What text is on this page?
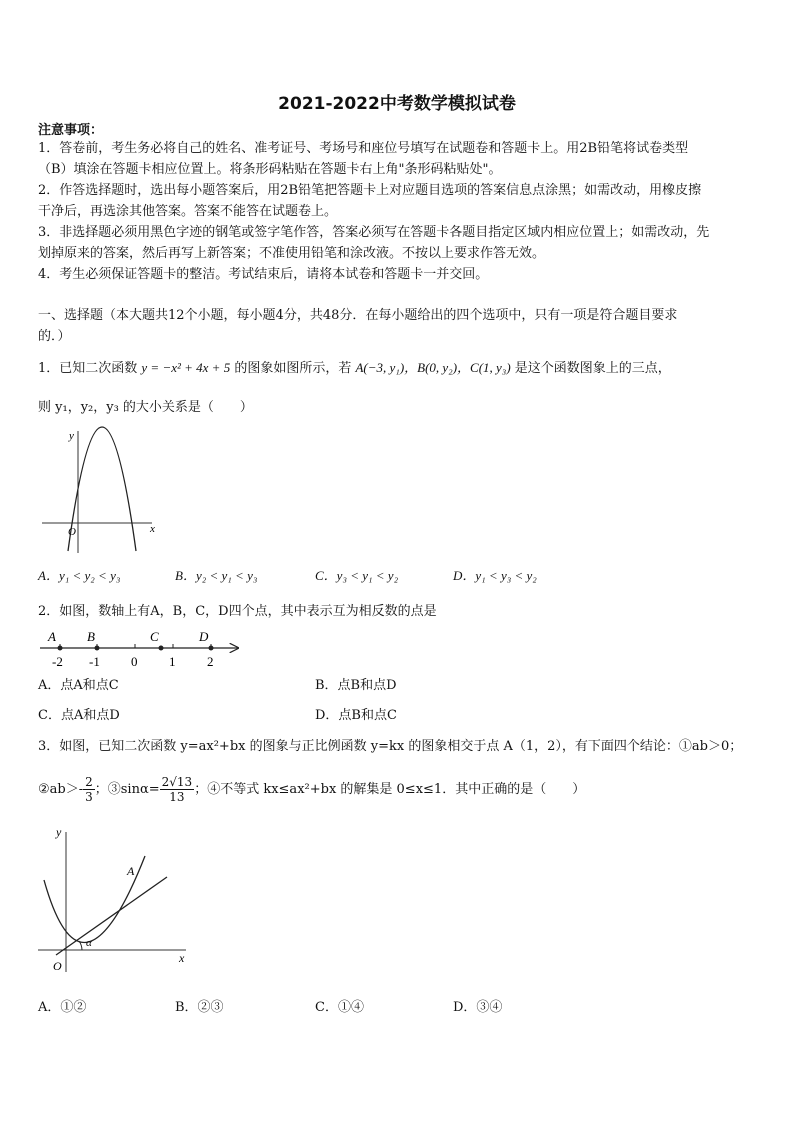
2021-2022中考数学模拟试卷
注意事项：
1．答卷前，考生务必将自己的姓名、准考证号、考场号和座位号填写在试题卷和答题卡上。用2B铅笔将试卷类型
（B）填涂在答题卡相应位置上。将条形码粘贴在答题卡右上角"条形码粘贴处"。
2．作答选择题时，选出每小题答案后，用2B铅笔把答题卡上对应题目选项的答案信息点涂黑；如需改动，用橡皮擦
干净后，再选涂其他答案。答案不能答在试题卷上。
3．非选择题必须用黑色字迹的钢笔或签字笔作答，答案必须写在答题卡各题目指定区域内相应位置上；如需改动，先
划掉原来的答案，然后再写上新答案；不准使用铅笔和涂改液。不按以上要求作答无效。
4．考生必须保证答题卡的整洁。考试结束后，请将本试卷和答题卡一并交回。
一、选择题（本大题共12个小题，每小题4分，共48分．在每小题给出的四个选项中，只有一项是符合题目要求
的．）
1．已知二次函数 y = −x² + 4x + 5 的图象如图所示，若 A(−3, y₁)，B(0, y₂)，C(1, y₃) 是这个函数图象上的三点，
则 y₁，y₂，y₃ 的大小关系是（　　）
y
x
O
A．y₁ < y₂ < y₃	B．y₂ < y₁ < y₃	C．y₃ < y₁ < y₂	D．y₁ < y₃ < y₂
2．如图，数轴上有A，B，C，D四个点，其中表示互为相反数的点是
A B	C	D
-2 -1 0 1 2
A．点A和点C	B．点B和点D
C．点A和点D	D．点B和点C
3．如图，已知二次函数 y=ax²+bx 的图象与正比例函数 y=kx 的图象相交于点 A（1，2），有下面四个结论：①ab＞0；
②ab＞- $\frac{2}{3}$ ；③sinα= $\frac{2√13}{13}$ ；④不等式 kx≤ax²+bx 的解集是 0≤x≤1．其中正确的是（　　）
y
x
O
A
α
A．①②	B．②③	C．①④	D．③④
